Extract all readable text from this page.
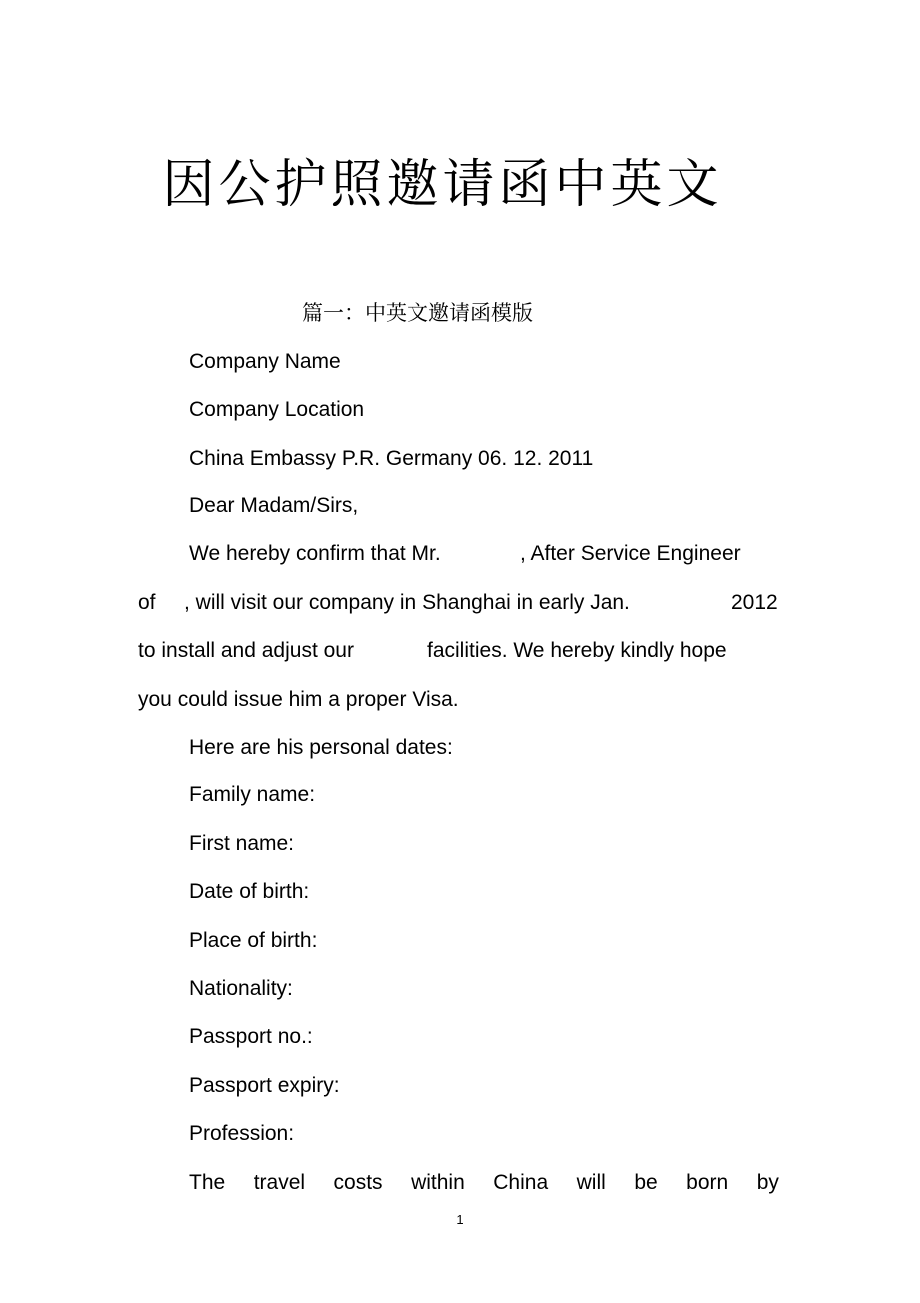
因公护照邀请函中英文
篇一：中英文邀请函模版
Company Name
Company Location
China Embassy P.R. Germany 06. 12. 2011
Dear Madam/Sirs,
We hereby confirm that Mr.	, After Service Engineer
of , will visit our company in Shanghai in early Jan.	2012
to install and adjust our	facilities. We hereby kindly hope
you could issue him a proper Visa.
Here are his personal dates:
Family name:
First name:
Date of birth:
Place of birth:
Nationality:
Passport no.:
Passport expiry:
Profession:
The travel costs within China will be born by
1
